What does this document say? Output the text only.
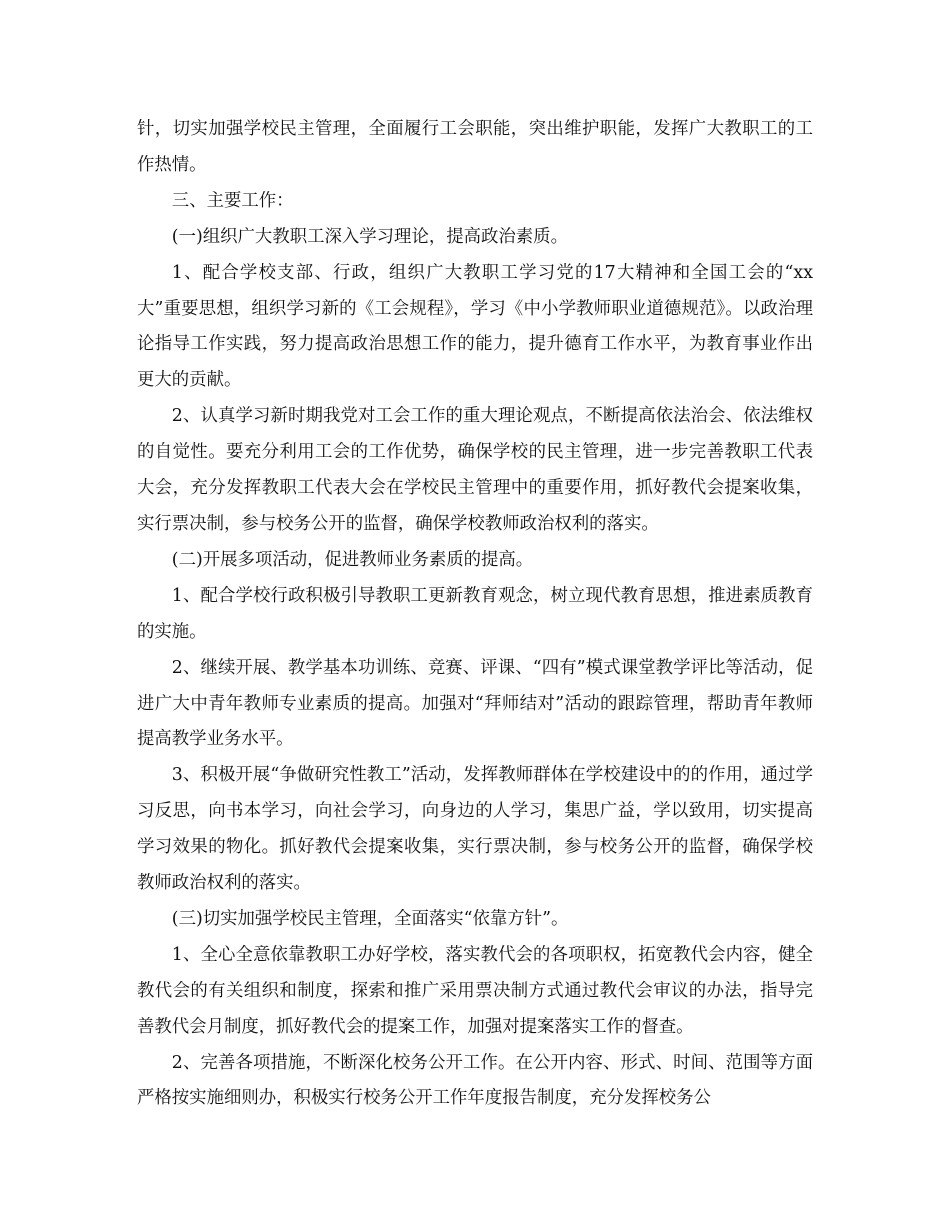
针，切实加强学校民主管理，全面履行工会职能，突出维护职能，发挥广大教职工的工作热情。

三、主要工作：

(一)组织广大教职工深入学习理论，提高政治素质。

1、配合学校支部、行政，组织广大教职工学习党的17大精神和全国工会的“xx大”重要思想，组织学习新的《工会规程》，学习《中小学教师职业道德规范》。以政治理论指导工作实践，努力提高政治思想工作的能力，提升德育工作水平，为教育事业作出更大的贡献。

2、认真学习新时期我党对工会工作的重大理论观点，不断提高依法治会、依法维权的自觉性。要充分利用工会的工作优势，确保学校的民主管理，进一步完善教职工代表大会，充分发挥教职工代表大会在学校民主管理中的重要作用，抓好教代会提案收集，实行票决制，参与校务公开的监督，确保学校教师政治权利的落实。

(二)开展多项活动，促进教师业务素质的提高。

1、配合学校行政积极引导教职工更新教育观念，树立现代教育思想，推进素质教育的实施。

2、继续开展、教学基本功训练、竞赛、评课、“四有”模式课堂教学评比等活动，促进广大中青年教师专业素质的提高。加强对“拜师结对”活动的跟踪管理，帮助青年教师提高教学业务水平。

3、积极开展“争做研究性教工”活动，发挥教师群体在学校建设中的的作用，通过学习反思，向书本学习，向社会学习，向身边的人学习，集思广益，学以致用，切实提高学习效果的物化。抓好教代会提案收集，实行票决制，参与校务公开的监督，确保学校教师政治权利的落实。

(三)切实加强学校民主管理，全面落实“依靠方针”。

1、全心全意依靠教职工办好学校，落实教代会的各项职权，拓宽教代会内容，健全教代会的有关组织和制度，探索和推广采用票决制方式通过教代会审议的办法，指导完善教代会月制度，抓好教代会的提案工作，加强对提案落实工作的督查。

2、完善各项措施，不断深化校务公开工作。在公开内容、形式、时间、范围等方面严格按实施细则办，积极实行校务公开工作年度报告制度，充分发挥校务公
